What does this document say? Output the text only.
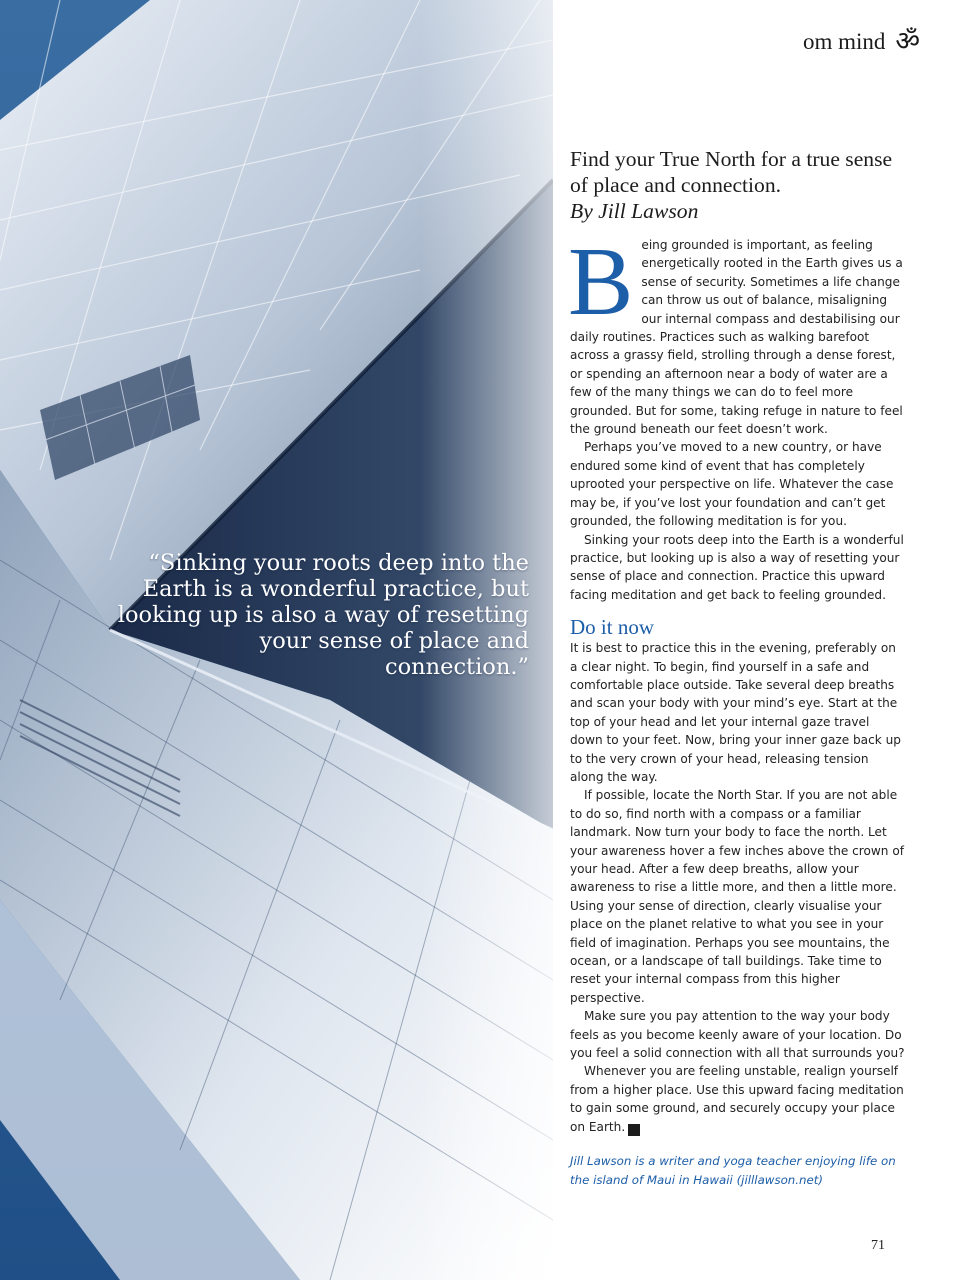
“Sinking your roots deep into the Earth is a wonderful practice, but looking up is also a way of resetting your sense of place and connection.”

om mind ॐ
Find your True North for a true sense of place and connection.
By Jill Lawson

Being grounded is important, as feeling energetically rooted in the Earth gives us a sense of security. Sometimes a life change can throw us out of balance, misaligning our internal compass and destabilising our daily routines. Practices such as walking barefoot across a grassy field, strolling through a dense forest, or spending an afternoon near a body of water are a few of the many things we can do to feel more grounded. But for some, taking refuge in nature to feel the ground beneath our feet doesn’t work.

Perhaps you’ve moved to a new country, or have endured some kind of event that has completely uprooted your perspective on life. Whatever the case may be, if you’ve lost your foundation and can’t get grounded, the following meditation is for you.

Sinking your roots deep into the Earth is a wonderful practice, but looking up is also a way of resetting your sense of place and connection. Practice this upward facing meditation and get back to feeling grounded.

Do it now

It is best to practice this in the evening, preferably on a clear night. To begin, find yourself in a safe and comfortable place outside. Take several deep breaths and scan your body with your mind’s eye. Start at the top of your head and let your internal gaze travel down to your feet. Now, bring your inner gaze back up to the very crown of your head, releasing tension along the way.

If possible, locate the North Star. If you are not able to do so, find north with a compass or a familiar landmark. Now turn your body to face the north. Let your awareness hover a few inches above the crown of your head. After a few deep breaths, allow your awareness to rise a little more, and then a little more. Using your sense of direction, clearly visualise your place on the planet relative to what you see in your field of imagination. Perhaps you see mountains, the ocean, or a landscape of tall buildings. Take time to reset your internal compass from this higher perspective.

Make sure you pay attention to the way your body feels as you become keenly aware of your location. Do you feel a solid connection with all that surrounds you?

Whenever you are feeling unstable, realign yourself from a higher place. Use this upward facing meditation to gain some ground, and securely occupy your place on Earth. ॐ

Jill Lawson is a writer and yoga teacher enjoying life on the island of Maui in Hawaii (jilllawson.net)

71
